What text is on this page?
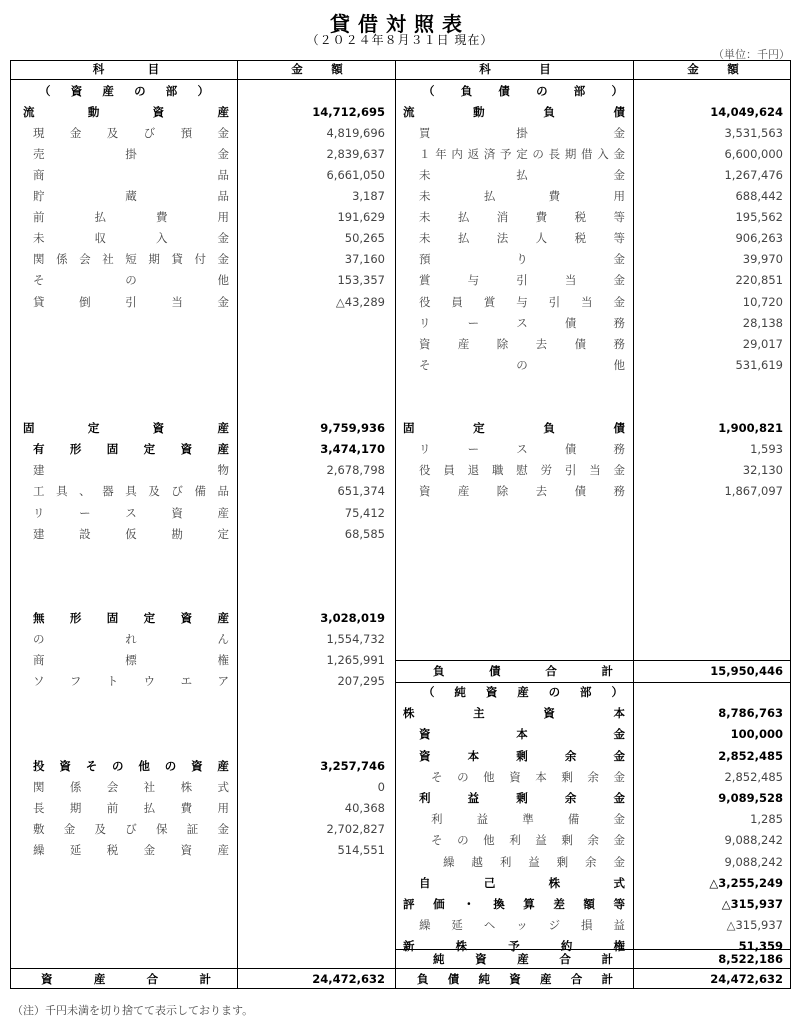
貸借対照表
（２０２４年８月３１日 現在）
（単位：千円）
科	目	金 額	科	目	金 額
（ 資 産 の 部 ）
流	動	資	産	14,712,695
現 金 及 び 預 金	4,819,696
売	掛	金	2,839,637
商	品	6,661,050
貯	蔵	品	3,187
前	払	費	用	191,629
未	収	入	金	50,265
関 係 会 社 短 期 貸 付 金	37,160
そ	の	他	153,357
貸	倒	引	当	金	△43,289
固	定	資	産	9,759,936
有 形 固 定 資 産	3,474,170
建	物	2,678,798
工 具 、 器 具 及 び 備 品	651,374
リ	ー	ス	資	産	75,412
建	設	仮	勘	定	68,585
無 形 固 定 資 産	3,028,019
の	れ	ん	1,554,732
商	標	権	1,265,991
ソ フ ト ウ エ ア	207,295
投 資 そ の 他 の 資 産	3,257,746
関 係 会 社 株 式	0
長 期 前 払 費 用	40,368
敷 金 及 び 保 証 金	2,702,827
繰 延 税 金 資 産	514,551
（ 負 債 の 部 ）
流	動	負	債	14,049,624
買	掛	金	3,531,563
１ 年 内 返 済 予 定 の 長 期 借 入 金	6,600,000
未	払	金	1,267,476
未	払	費	用	688,442
未 払 消 費 税 等	195,562
未 払 法 人 税 等	906,263
預	り	金	39,970
賞	与	引	当	金	220,851
役 員 賞 与 引 当 金	10,720
リ	ー	ス	債	務	28,138
資 産 除 去 債 務	29,017
そ	の	他	531,619
固	定	負	債	1,900,821
リ	ー	ス	債	務	1,593
役 員 退 職 慰 労 引 当 金	32,130
資 産 除 去 債 務	1,867,097
負	債	合	計	15,950,446
（ 純 資 産 の 部 ）
株	主	資	本	8,786,763
資	本	金	100,000
資	本	剰	余	金	2,852,485
そ の 他 資 本 剰 余 金	2,852,485
利	益	剰	余	金	9,089,528
利	益	準	備	金	1,285
そ の 他 利 益 剰 余 金	9,088,242
繰 越 利 益 剰 余 金	9,088,242
自	己	株	式	△3,255,249
評 価 ・ 換 算 差 額 等	△315,937
繰 延 ヘ ッ ジ 損 益	△315,937
新	株	予	約	権	51,359
純	資	産	合	計	8,522,186
資	産	合	計	24,472,632	負 債 純 資 産 合 計	24,472,632
（注）千円未満を切り捨てて表示しております。
